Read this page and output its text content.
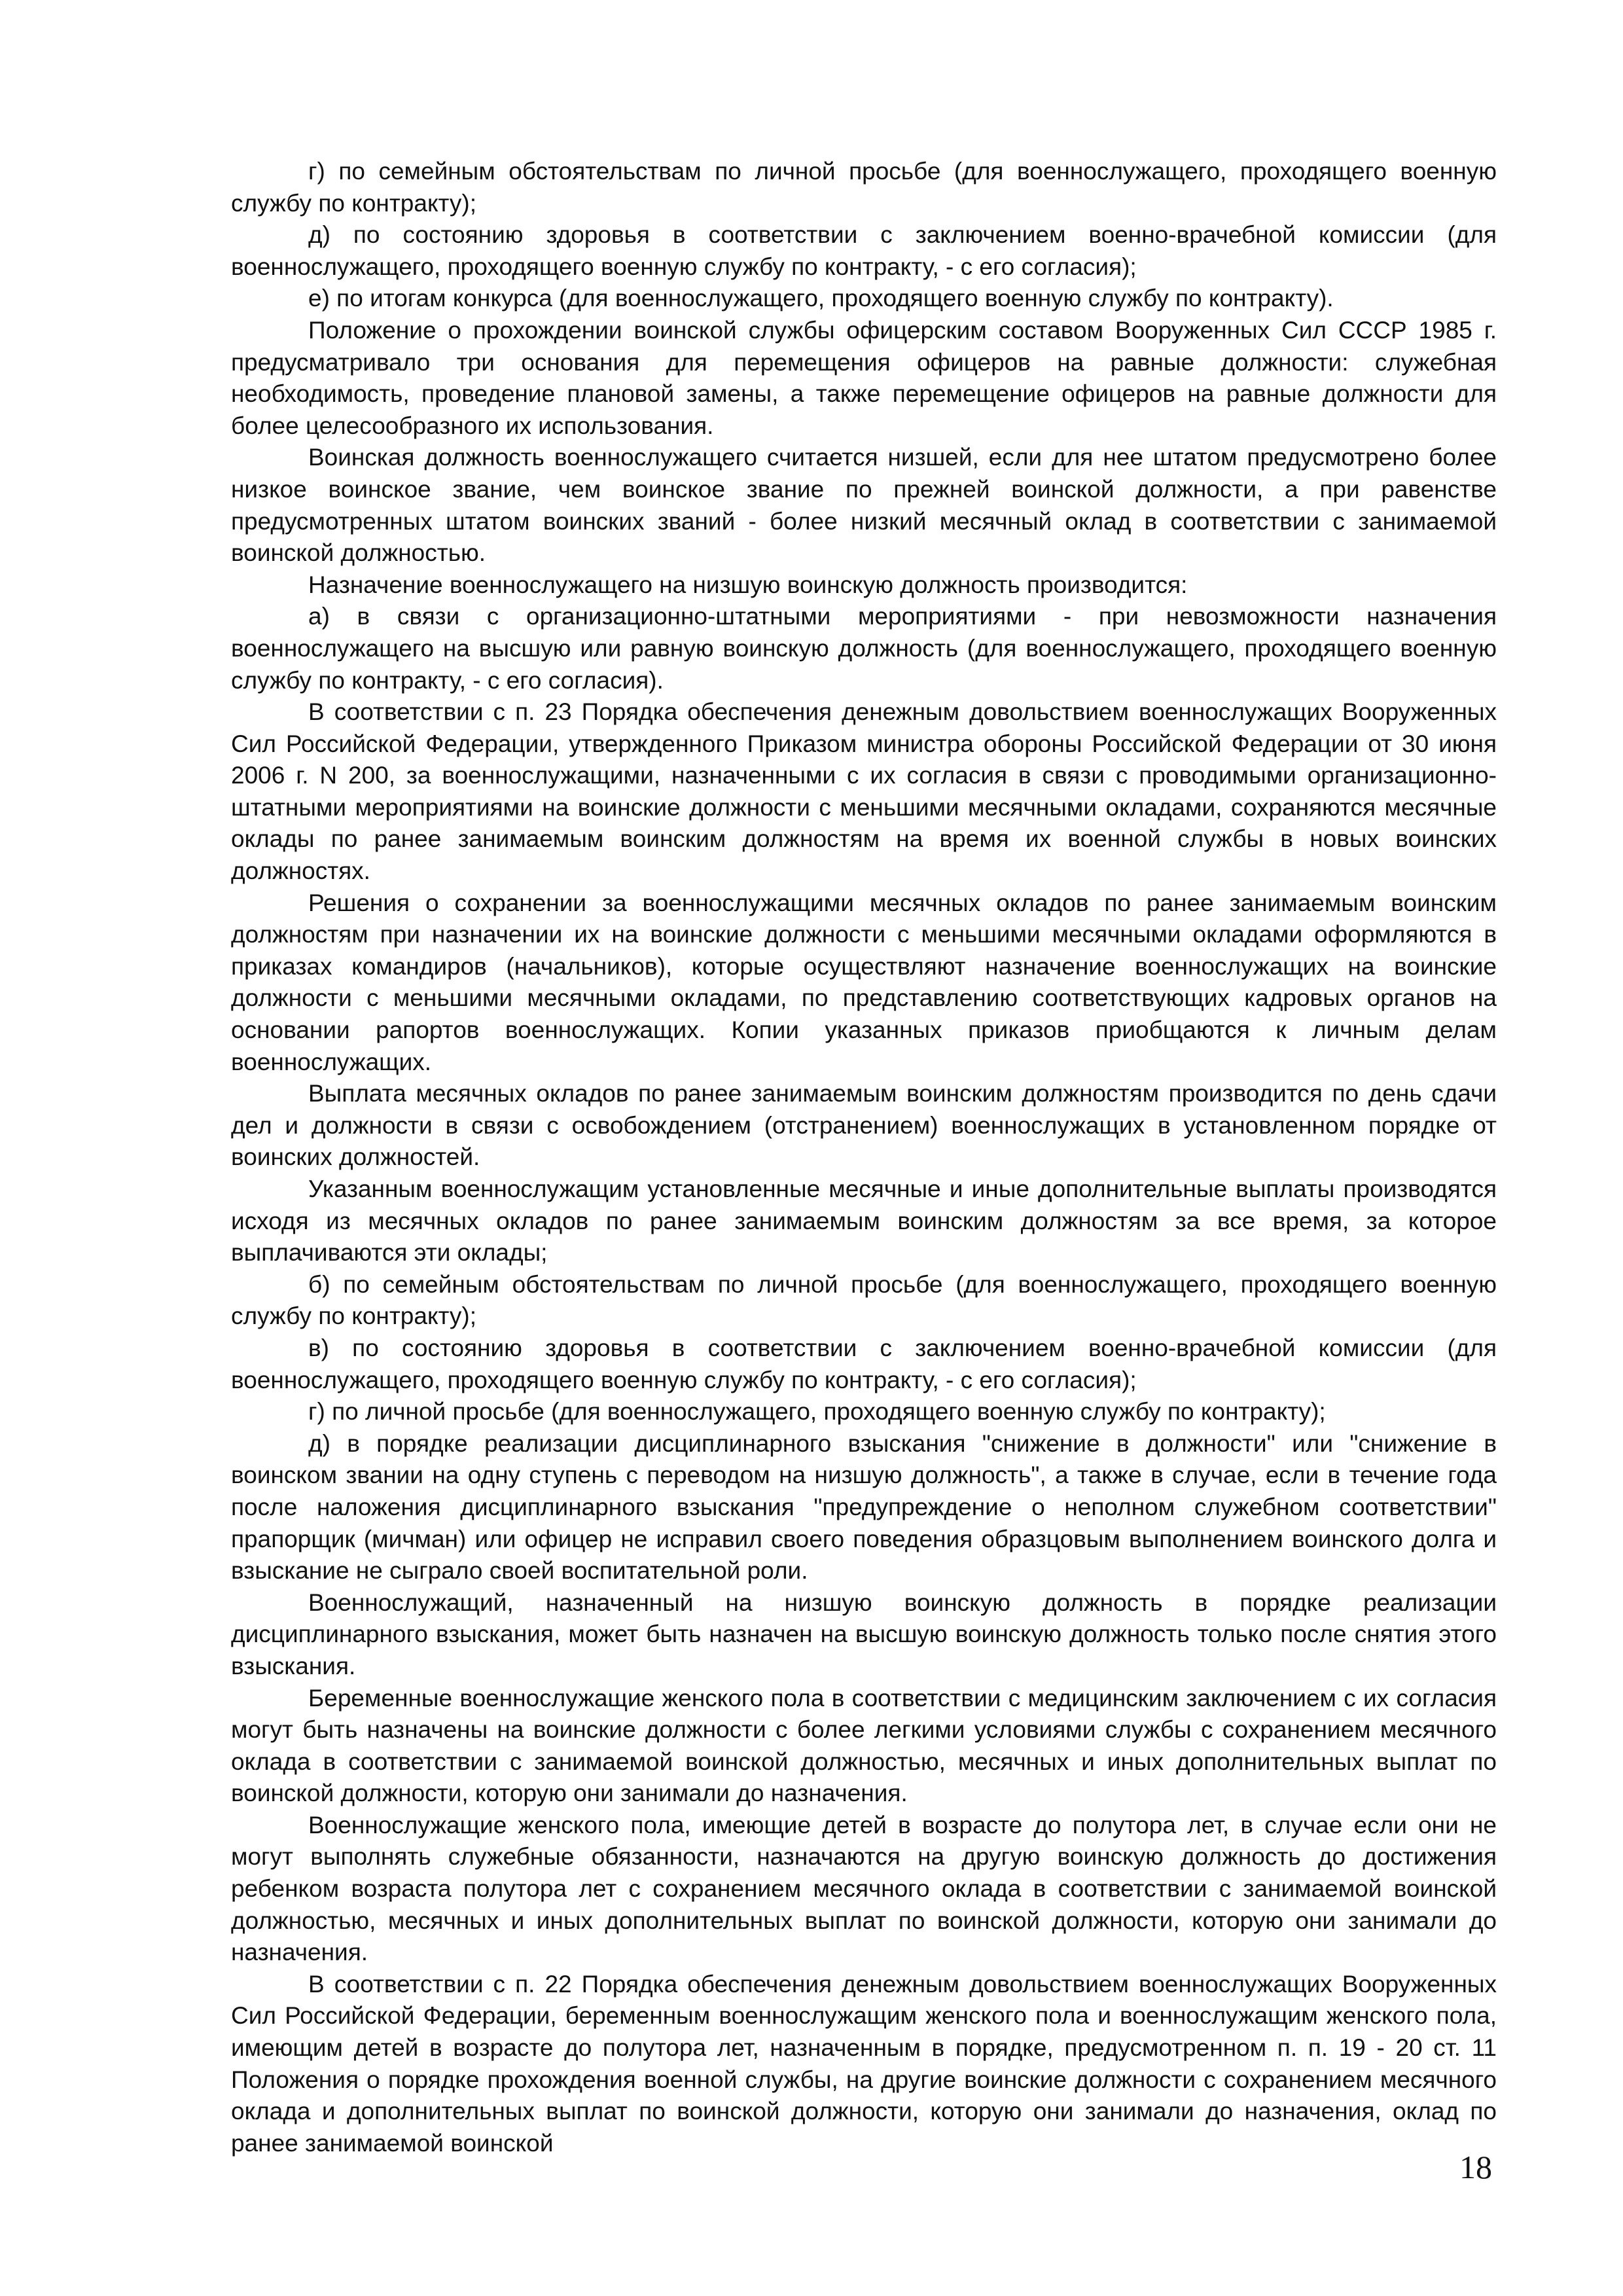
г) по семейным обстоятельствам по личной просьбе (для военнослужащего, проходящего военную службу по контракту);

д) по состоянию здоровья в соответствии с заключением военно-врачебной комиссии (для военнослужащего, проходящего военную службу по контракту, - с его согласия);

е) по итогам конкурса (для военнослужащего, проходящего военную службу по контракту).

Положение о прохождении воинской службы офицерским составом Вооруженных Сил СССР 1985 г. предусматривало три основания для перемещения офицеров на равные должности: служебная необходимость, проведение плановой замены, а также перемещение офицеров на равные должности для более целесообразного их использования.

Воинская должность военнослужащего считается низшей, если для нее штатом предусмотрено более низкое воинское звание, чем воинское звание по прежней воинской должности, а при равенстве предусмотренных штатом воинских званий - более низкий месячный оклад в соответствии с занимаемой воинской должностью.

Назначение военнослужащего на низшую воинскую должность производится:

а) в связи с организационно-штатными мероприятиями - при невозможности назначения военнослужащего на высшую или равную воинскую должность (для военнослужащего, проходящего военную службу по контракту, - с его согласия).

В соответствии с п. 23 Порядка обеспечения денежным довольствием военнослужащих Вооруженных Сил Российской Федерации, утвержденного Приказом министра обороны Российской Федерации от 30 июня 2006 г. N 200, за военнослужащими, назначенными с их согласия в связи с проводимыми организационно-штатными мероприятиями на воинские должности с меньшими месячными окладами, сохраняются месячные оклады по ранее занимаемым воинским должностям на время их военной службы в новых воинских должностях.

Решения о сохранении за военнослужащими месячных окладов по ранее занимаемым воинским должностям при назначении их на воинские должности с меньшими месячными окладами оформляются в приказах командиров (начальников), которые осуществляют назначение военнослужащих на воинские должности с меньшими месячными окладами, по представлению соответствующих кадровых органов на основании рапортов военнослужащих. Копии указанных приказов приобщаются к личным делам военнослужащих.

Выплата месячных окладов по ранее занимаемым воинским должностям производится по день сдачи дел и должности в связи с освобождением (отстранением) военнослужащих в установленном порядке от воинских должностей.

Указанным военнослужащим установленные месячные и иные дополнительные выплаты производятся исходя из месячных окладов по ранее занимаемым воинским должностям за все время, за которое выплачиваются эти оклады;

б) по семейным обстоятельствам по личной просьбе (для военнослужащего, проходящего военную службу по контракту);

в) по состоянию здоровья в соответствии с заключением военно-врачебной комиссии (для военнослужащего, проходящего военную службу по контракту, - с его согласия);

г) по личной просьбе (для военнослужащего, проходящего военную службу по контракту);

д) в порядке реализации дисциплинарного взыскания "снижение в должности" или "снижение в воинском звании на одну ступень с переводом на низшую должность", а также в случае, если в течение года после наложения дисциплинарного взыскания "предупреждение о неполном служебном соответствии" прапорщик (мичман) или офицер не исправил своего поведения образцовым выполнением воинского долга и взыскание не сыграло своей воспитательной роли.

Военнослужащий, назначенный на низшую воинскую должность в порядке реализации дисциплинарного взыскания, может быть назначен на высшую воинскую должность только после снятия этого взыскания.

Беременные военнослужащие женского пола в соответствии с медицинским заключением с их согласия могут быть назначены на воинские должности с более легкими условиями службы с сохранением месячного оклада в соответствии с занимаемой воинской должностью, месячных и иных дополнительных выплат по воинской должности, которую они занимали до назначения.

Военнослужащие женского пола, имеющие детей в возрасте до полутора лет, в случае если они не могут выполнять служебные обязанности, назначаются на другую воинскую должность до достижения ребенком возраста полутора лет с сохранением месячного оклада в соответствии с занимаемой воинской должностью, месячных и иных дополнительных выплат по воинской должности, которую они занимали до назначения.

В соответствии с п. 22 Порядка обеспечения денежным довольствием военнослужащих Вооруженных Сил Российской Федерации, беременным военнослужащим женского пола и военнослужащим женского пола, имеющим детей в возрасте до полутора лет, назначенным в порядке, предусмотренном п. п. 19 - 20 ст. 11 Положения о порядке прохождения военной службы, на другие воинские должности с сохранением месячного оклада и дополнительных выплат по воинской должности, которую они занимали до назначения, оклад по ранее занимаемой воинской

18
